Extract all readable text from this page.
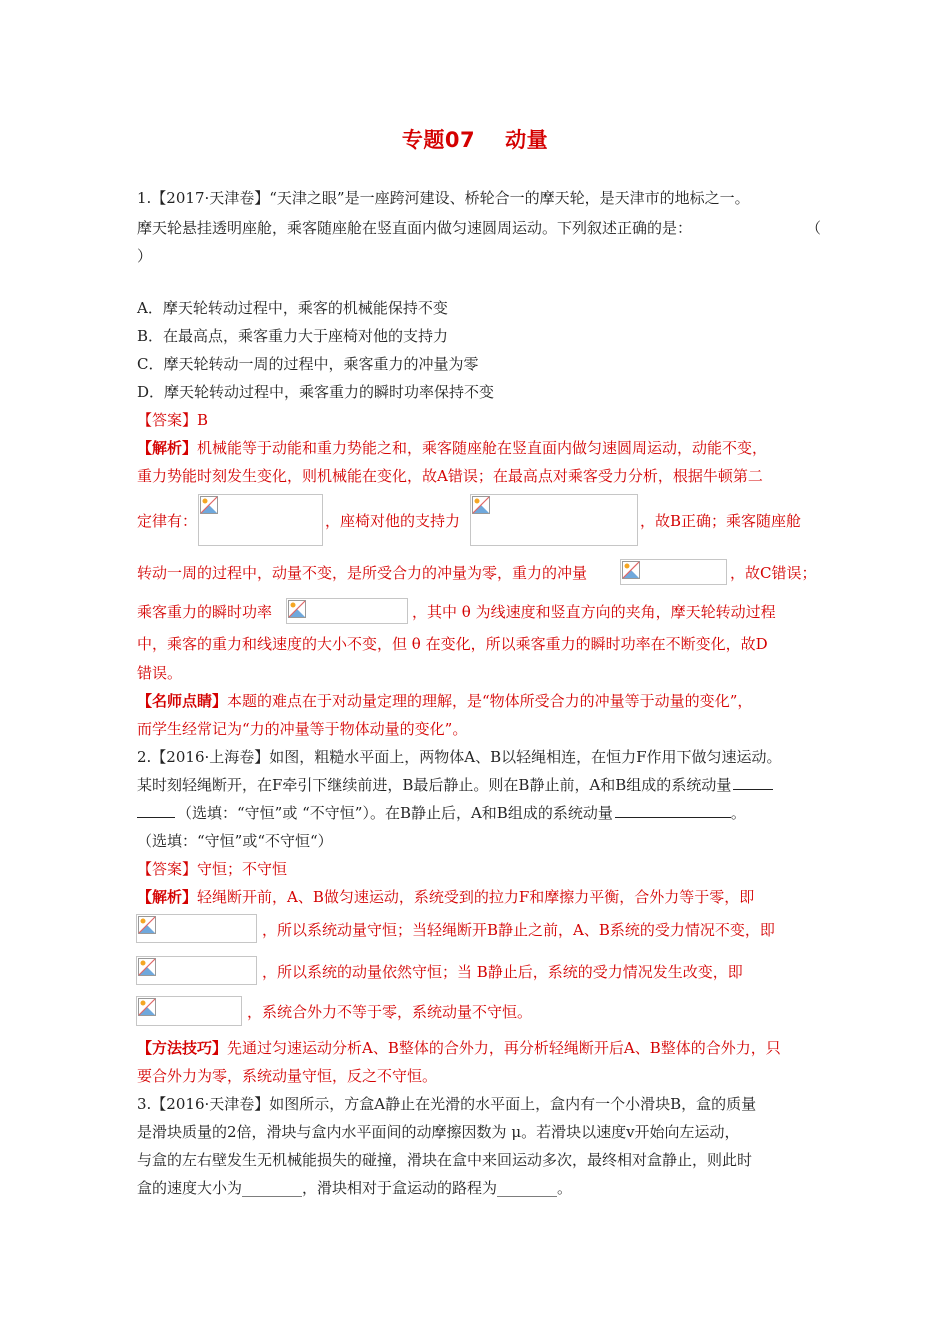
专题07 动量
1.【2017·天津卷】“天津之眼”是一座跨河建设、桥轮合一的摩天轮，是天津市的地标之一。
摩天轮悬挂透明座舱，乘客随座舱在竖直面内做匀速圆周运动。下列叙述正确的是：	（
）
A．摩天轮转动过程中，乘客的机械能保持不变
B．在最高点，乘客重力大于座椅对他的支持力
C．摩天轮转动一周的过程中，乘客重力的冲量为零
D．摩天轮转动过程中，乘客重力的瞬时功率保持不变
【答案】B
【解析】机械能等于动能和重力势能之和，乘客随座舱在竖直面内做匀速圆周运动，动能不变，
重力势能时刻发生变化，则机械能在变化，故A错误；在最高点对乘客受力分析，根据牛顿第二
定律有：	，座椅对他的支持力	，故B正确；乘客随座舱
转动一周的过程中，动量不变，是所受合力的冲量为零，重力的冲量	，故C错误；
乘客重力的瞬时功率	，其中 θ 为线速度和竖直方向的夹角，摩天轮转动过程
中，乘客的重力和线速度的大小不变，但 θ 在变化，所以乘客重力的瞬时功率在不断变化，故D
错误。
【名师点睛】本题的难点在于对动量定理的理解，是“物体所受合力的冲量等于动量的变化”，
而学生经常记为“力的冲量等于物体动量的变化”。
2.【2016·上海卷】如图，粗糙水平面上，两物体A、B以轻绳相连，在恒力F作用下做匀速运动。
某时刻轻绳断开，在F牵引下继续前进，B最后静止。则在B静止前，A和B组成的系统动量
（选填：“守恒”或 “不守恒”）。在B静止后，A和B组成的系统动量	。
（选填：“守恒”或“不守恒“）
【答案】守恒；不守恒
【解析】轻绳断开前，A、B做匀速运动，系统受到的拉力F和摩擦力平衡，合外力等于零，即
，所以系统动量守恒；当轻绳断开B静止之前，A、B系统的受力情况不变，即
，所以系统的动量依然守恒；当 B静止后，系统的受力情况发生改变，即
，系统合外力不等于零，系统动量不守恒。
【方法技巧】先通过匀速运动分析A、B整体的合外力，再分析轻绳断开后A、B整体的合外力，只
要合外力为零，系统动量守恒，反之不守恒。
3.【2016·天津卷】如图所示，方盒A静止在光滑的水平面上，盒内有一个小滑块B，盒的质量
是滑块质量的2倍，滑块与盒内水平面间的动摩擦因数为 μ。若滑块以速度v开始向左运动，
与盒的左右壁发生无机械能损失的碰撞，滑块在盒中来回运动多次，最终相对盒静止，则此时
盒的速度大小为________，滑块相对于盒运动的路程为________。
